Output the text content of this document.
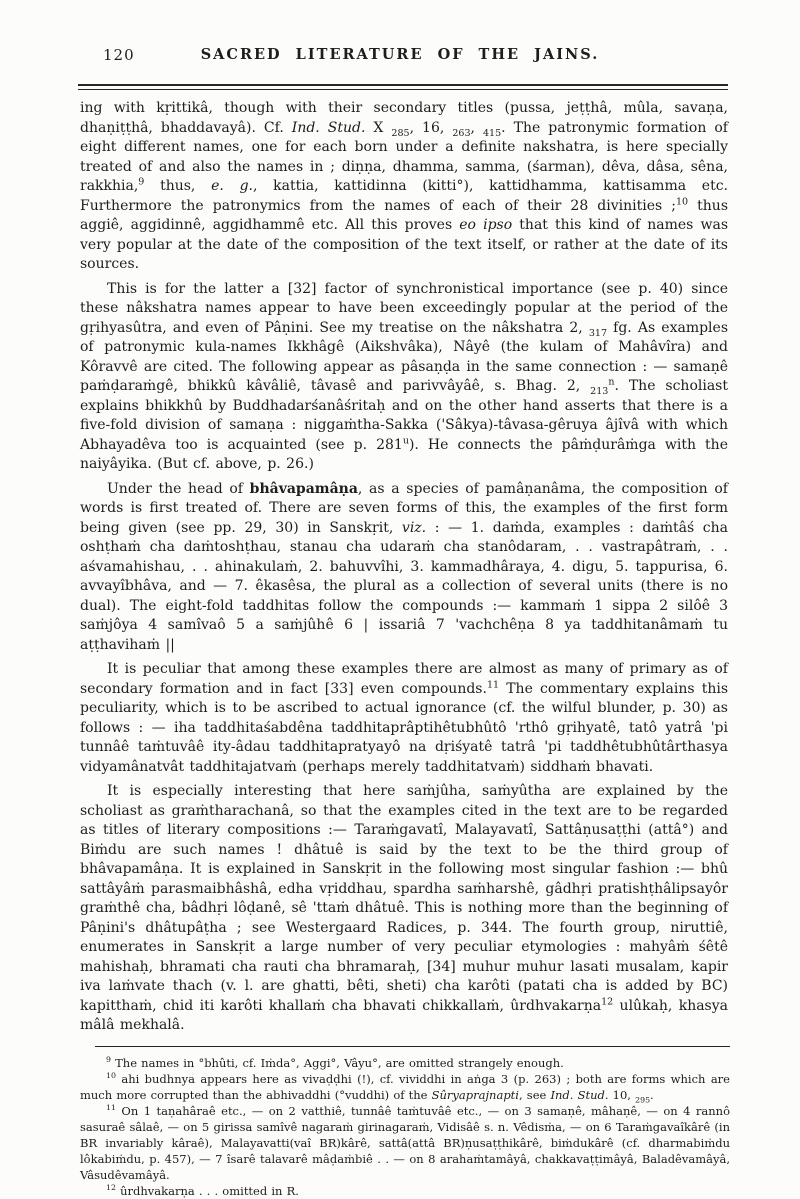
120	SACRED LITERATURE OF THE JAINS.

ing with kṛittikâ, though with their secondary titles (pussa, jeṭṭhâ, mûla, savaṇa, dhaṇiṭṭhâ, bhaddavayâ). Cf. Ind. Stud. X $_{285}$, 16, $_{263}$, $_{415}$. The patronymic formation of eight different names, one for each born under a definite nakshatra, is here specially treated of and also the names in ; diṇṇa, dhamma, samma, (śarman), dêva, dâsa, sêna, rakkhia,$^9$ thus, e. g., kattia, kattidinna (kitti°), kattidhamma, kattisamma etc. Furthermore the patronymics from the names of each of their 28 divinities ;$^{10}$ thus aggiê, aggidinnê, aggidhammê etc. All this proves eo ipso that this kind of names was very popular at the date of the composition of the text itself, or rather at the date of its sources.

This is for the latter a [32] factor of synchronistical importance (see p. 40) since these nâkshatra names appear to have been exceedingly popular at the period of the gṛihyasûtra, and even of Pâṇini. See my treatise on the nâkshatra 2, $_{317}$ fg. As examples of patronymic kula-names Ikkhâgê (Aikshvâka), Nâyê (the kulam of Mahâvîra) and Kôravvê are cited. The following appear as pâsaṇḍa in the same connection : — samaṇê paṁḍaraṁgê, bhikkû kâvâliê, tâvasê and parivvâyâê, s. Bhag. 2, $_{213}^n$. The scholiast explains bhikkhû by Buddhadarśanâśritaḥ and on the other hand asserts that there is a five-fold division of samaṇa : niggaṁtha-Sakka ('Sâkya)-tâvasa-gêruya âjîvâ with which Abhayadêva too is acquainted (see p. 281$^u$). He connects the pâṁḍurâṁga with the naiyâyika. (But cf. above, p. 26.)

Under the head of bhâvapamâṇa, as a species of pamâṇanâma, the composition of words is first treated of. There are seven forms of this, the examples of the first form being given (see pp. 29, 30) in Sanskṛit, viz. : — 1. daṁda, examples : daṁtâś cha oshṭhaṁ cha daṁtoshṭhau, stanau cha udaraṁ cha stanôdaram, . . vastrapâtraṁ, . . aśvamahishau, . . ahinakulaṁ, 2. bahuvvîhi, 3. kammadhâraya, 4. digu, 5. tappurisa, 6. avvayîbhâva, and — 7. êkasêsa, the plural as a collection of several units (there is no dual). The eight-fold taddhitas follow the compounds :— kammaṁ 1 sippa 2 silôê 3 saṁjôya 4 samîvaô 5 a saṁjûhê 6 | issariâ 7 'vachchêṇa 8 ya taddhitanâmaṁ tu aṭṭhavihaṁ ||

It is peculiar that among these examples there are almost as many of primary as of secondary formation and in fact [33] even compounds.$^{11}$ The commentary explains this peculiarity, which is to be ascribed to actual ignorance (cf. the wilful blunder, p. 30) as follows : — iha taddhitaśabdêna taddhitaprâptihêtubhûtô 'rthô gṛihyatê, tatô yatrâ 'pi tunnâê taṁtuvâê ity-âdau taddhitapratyayô na dṛiśyatê tatrâ 'pi taddhêtubhûtârthasya vidyamânatvât taddhitajatvaṁ (perhaps merely taddhitatvaṁ) siddhaṁ bhavati.

It is especially interesting that here saṁjûha, saṁyûtha are explained by the scholiast as graṁtharachanâ, so that the examples cited in the text are to be regarded as titles of literary compositions :— Taraṁgavatî, Malayavatî, Sattâṇusaṭṭhi (attâ°) and Biṁdu are such names ! dhâtuê is said by the text to be the third group of bhâvapamâṇa. It is explained in Sanskṛit in the following most singular fashion :— bhû sattâyâṁ parasmaibhâshâ, edha vṛiddhau, spardha saṁharshê, gâdhṛi pratishṭhâlipsayôr graṁthê cha, bâdhṛi lôḍanê, sê 'ttaṁ dhâtuê. This is nothing more than the beginning of Pâṇini's dhâtupâṭha ; see Westergaard Radices, p. 344. The fourth group, niruttiê, enumerates in Sanskṛit a large number of very peculiar etymologies : mahyâṁ śêtê mahishaḥ, bhramati cha rauti cha bhramaraḥ, [34] muhur muhur lasati musalam, kapir iva laṁvate thach (v. l. are ghatti, bêti, sheti) cha karôti (patati cha is added by BC) kapitthaṁ, chid iti karôti khallaṁ cha bhavati chikkallaṁ, ûrdhvakarṇa$^{12}$ ulûkaḥ, khasya mâlâ mekhalâ.

$^9$ The names in °bhûti, cf. Iṁda°, Aggi°, Vâyu°, are omitted strangely enough.

$^{10}$ ahi budhnya appears here as vivaḍḍhi (!), cf. vividdhi in aṅga 3 (p. 263) ; both are forms which are much more corrupted than the abhivaddhi (°vuddhi) of the Sûryaprajnapti, see Ind. Stud. 10, $_{295}$.

$^{11}$ On 1 taṇahâraê etc., — on 2 vatthiê, tunnâê taṁtuvâê etc., — on 3 samaṇê, mâhaṇê, — on 4 rannô sasuraê sâlaê, — on 5 girissa samîvê nagaraṁ girinagaraṁ, Vidisâê s. n. Vêdisṁa, — on 6 Taraṁgavaîkârê (in BR invariably kâraê), Malayavatti(vaî BR)kârê, sattâ(attâ BR)ṇusaṭṭhikârê, biṁdukârê (cf. dharmabiṁdu lôkabiṁdu, p. 457), — 7 îsarê talavarê mâḍaṁbiê . . — on 8 arahaṁtamâyâ, chakkavaṭṭimâyâ, Baladêvamâyâ, Vâsudêvamâyâ.

$^{12}$ ûrdhvakarṇa . . . omitted in R.
